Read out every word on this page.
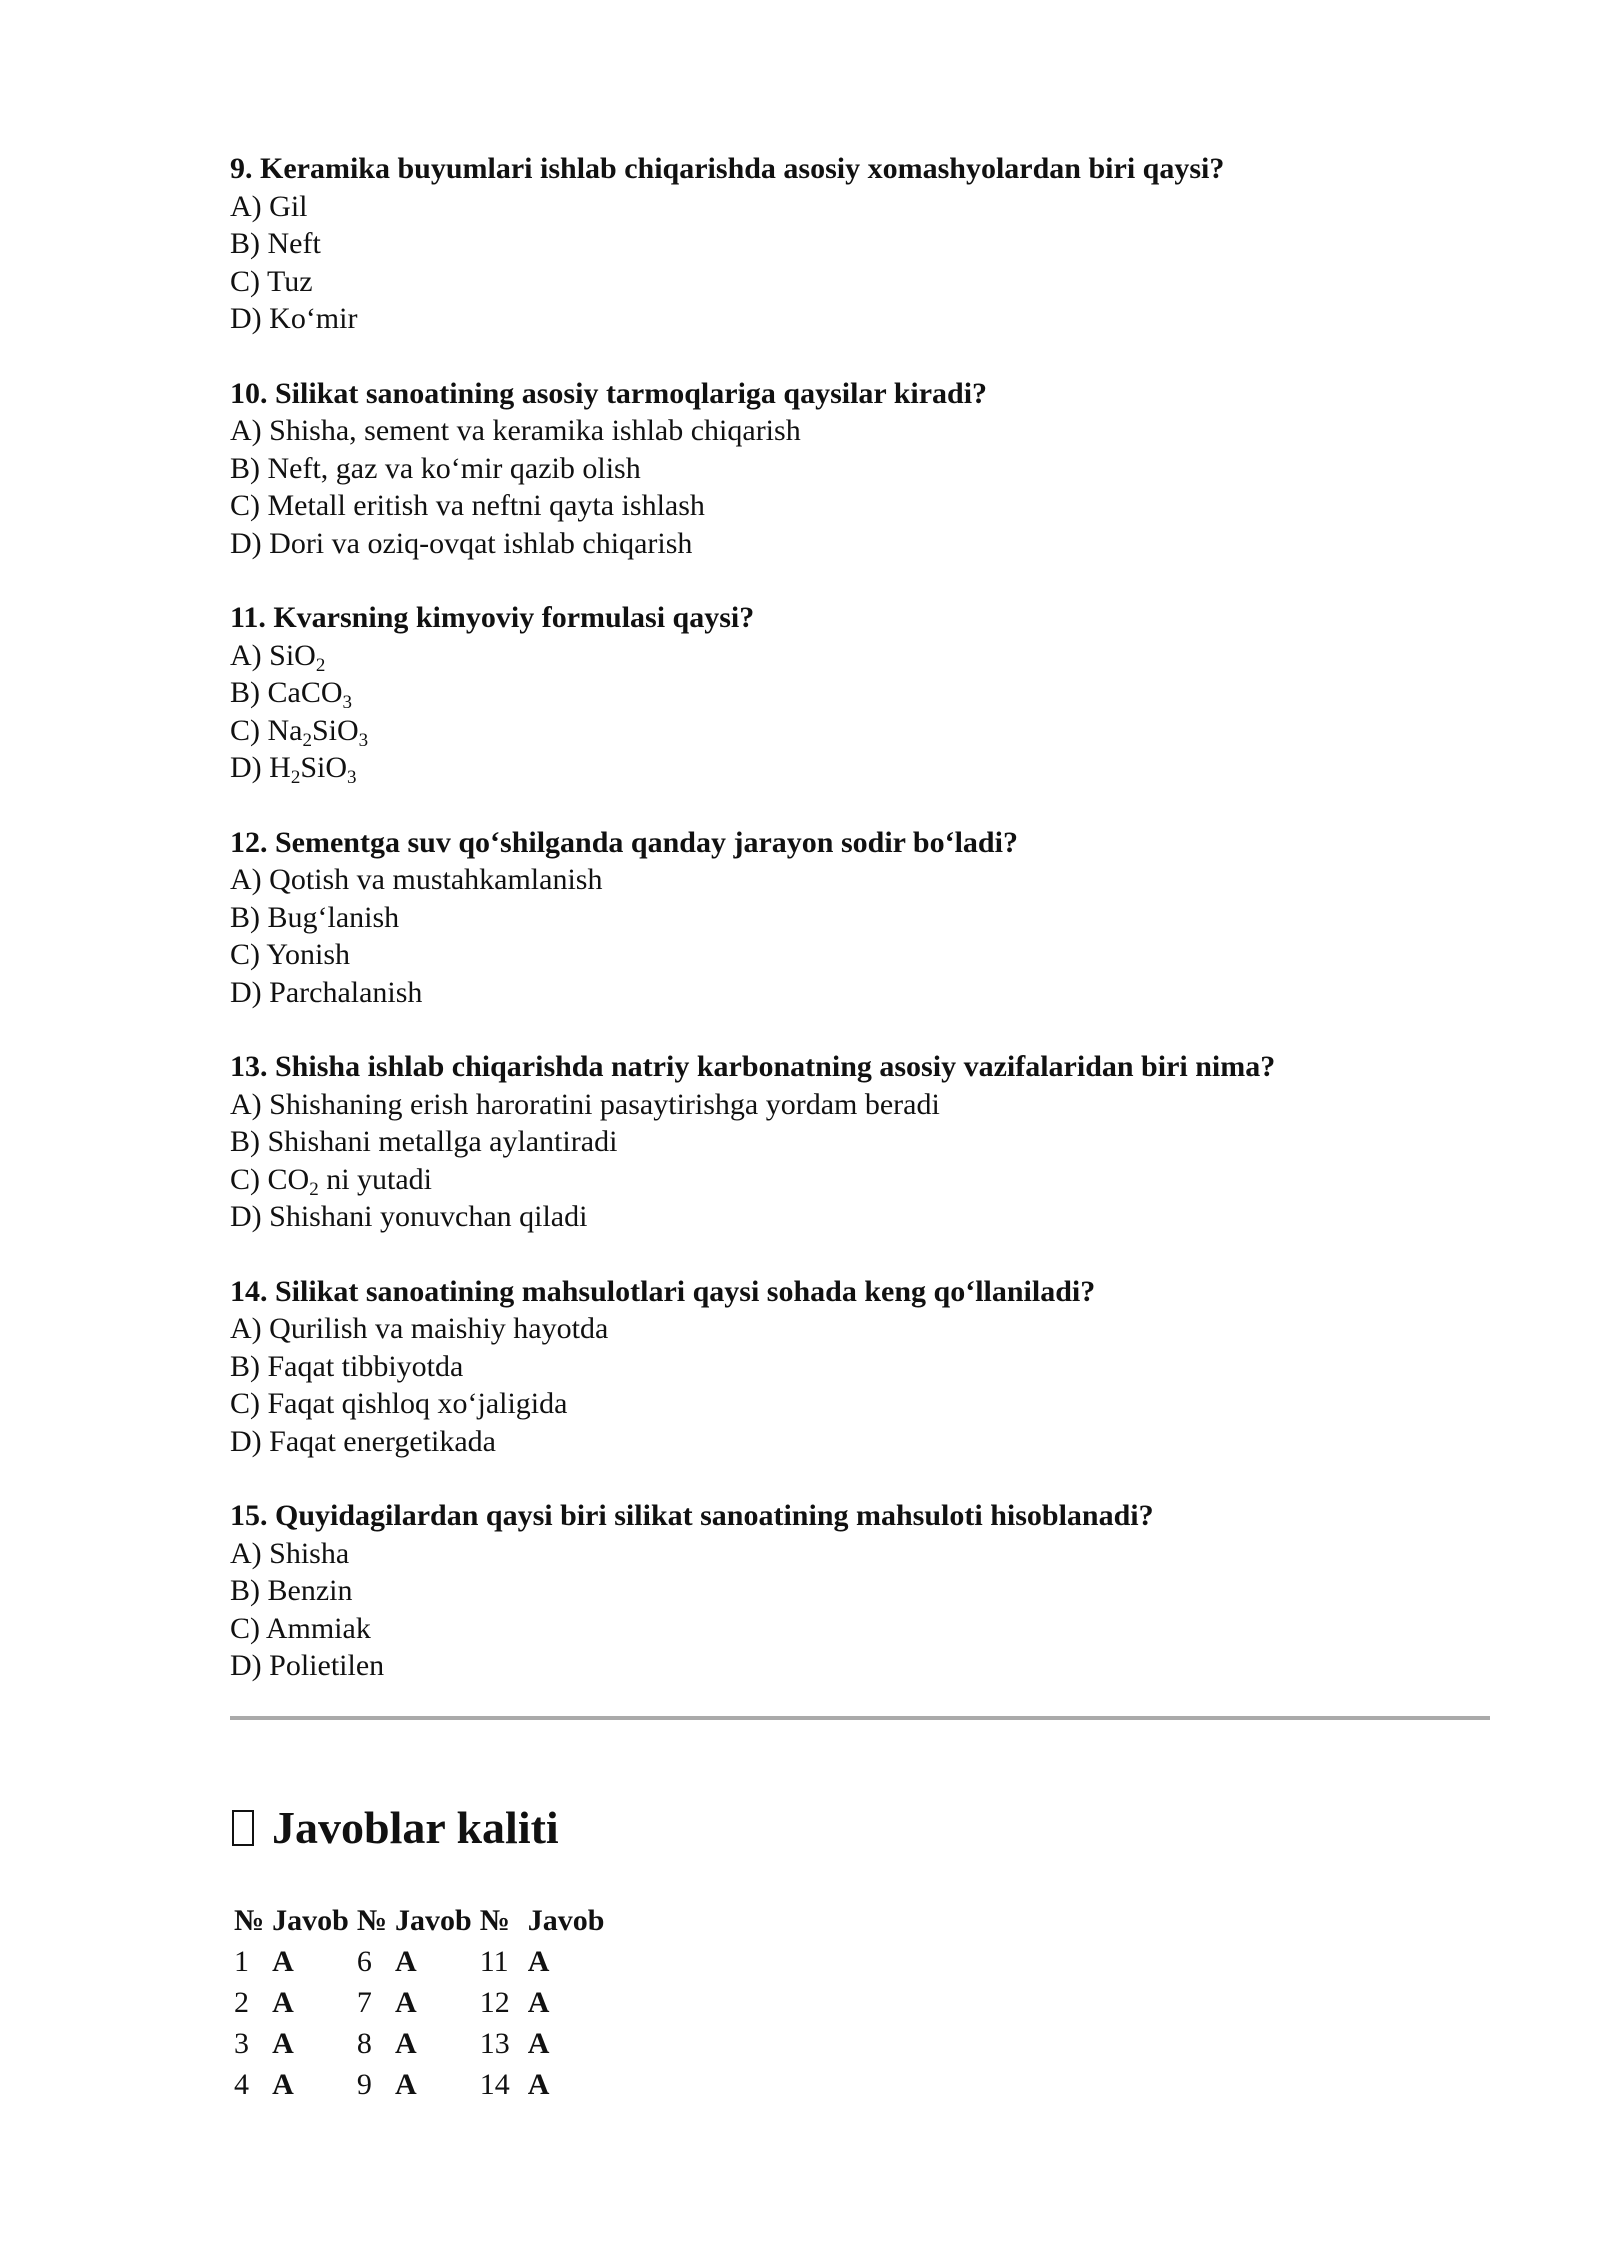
9. Keramika buyumlari ishlab chiqarishda asosiy xomashyolardan biri qaysi?

A) Gil

B) Neft

C) Tuz

D) Ko‘mir

10. Silikat sanoatining asosiy tarmoqlariga qaysilar kiradi?

A) Shisha, sement va keramika ishlab chiqarish

B) Neft, gaz va ko‘mir qazib olish

C) Metall eritish va neftni qayta ishlash

D) Dori va oziq-ovqat ishlab chiqarish

11. Kvarsning kimyoviy formulasi qaysi?

A) SiO$_2$

B) CaCO$_3$

C) $Na_2SiO_3$

D) $H_2SiO_3$

12. Sementga suv qo‘shilganda qanday jarayon sodir bo‘ladi?

A) Qotish va mustahkamlanish

B) Bug‘lanish

C) Yonish

D) Parchalanish

13. Shisha ishlab chiqarishda natriy karbonatning asosiy vazifalaridan biri nima?

A) Shishaning erish haroratini pasaytirishga yordam beradi

B) Shishani metallga aylantiradi

C) $CO_2$ ni yutadi

D) Shishani yonuvchan qiladi

14. Silikat sanoatining mahsulotlari qaysi sohada keng qo‘llaniladi?

A) Qurilish va maishiy hayotda

B) Faqat tibbiyotda

C) Faqat qishloq xo‘jaligida

D) Faqat energetikada

15. Quyidagilardan qaysi biri silikat sanoatining mahsuloti hisoblanadi?

A) Shisha

B) Benzin

C) Ammiak

D) Polietilen

Javoblar kaliti
№	Javob	№	Javob	№	Javob
1	A	6	A	11	A
2	A	7	A	12	A
3	A	8	A	13	A
4	A	9	A	14	A
